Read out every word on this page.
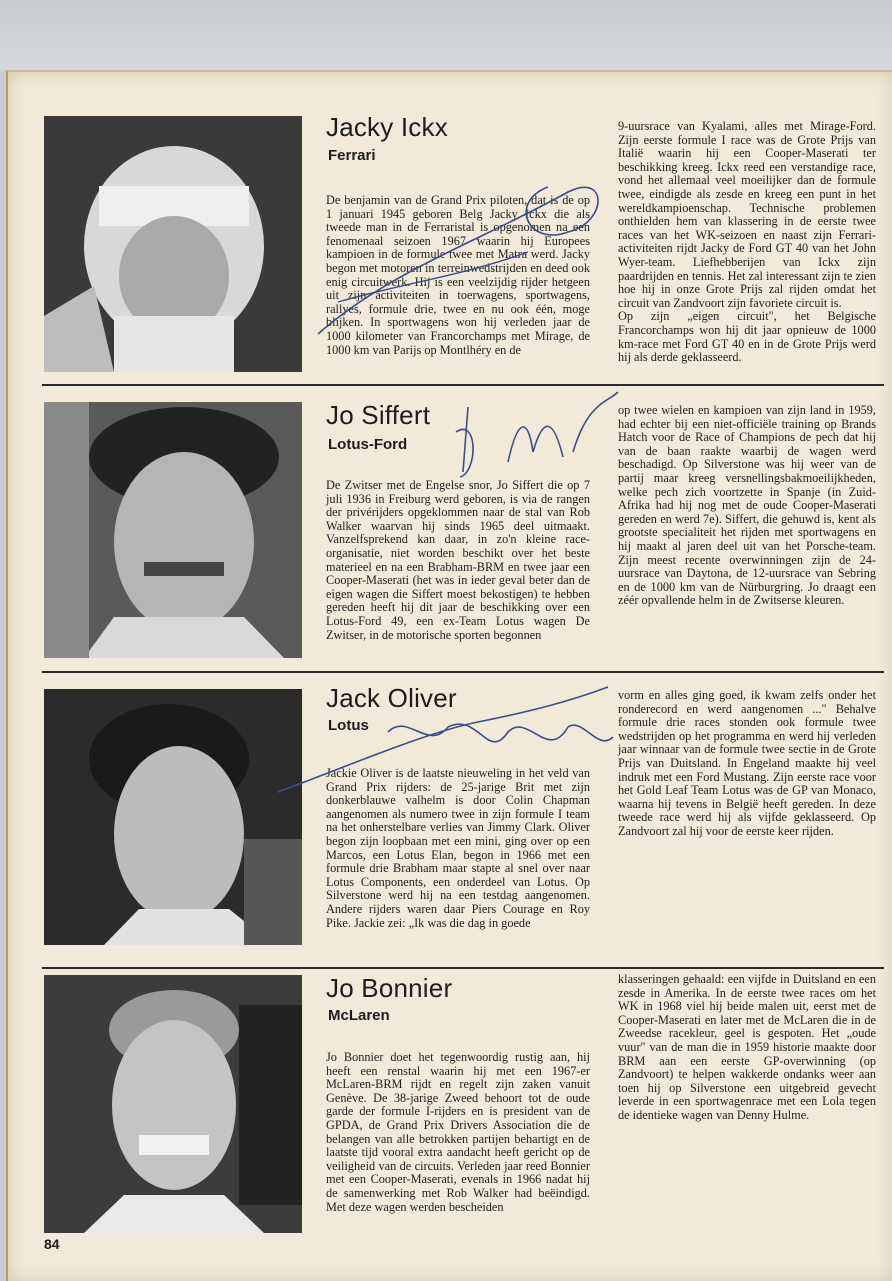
Jacky Ickx
Ferrari

De benjamin van de Grand Prix piloten, dat is de op 1 januari 1945 geboren Belg Jacky Ickx die als tweede man in de Ferraristal is opgenomen na een fenomenaal seizoen 1967 waarin hij Europees kampioen in de formule twee met Matra werd. Jacky begon met motoren in terreinwedstrijden en deed ook enig circuitwerk. Hij is een veelzijdig rijder hetgeen uit zijn activiteiten in toerwagens, sportwagens, rallyes, formule drie, twee en nu ook één, moge blijken. In sportwagens won hij verleden jaar de 1000 kilometer van Francorchamps met Mirage, de 1000 km van Parijs op Montlhéry en de

9-uursrace van Kyalami, alles met Mirage-Ford. Zijn eerste formule I race was de Grote Prijs van Italië waarin hij een Cooper-Maserati ter beschikking kreeg. Ickx reed een verstandige race, vond het allemaal veel moeilijker dan de formule twee, eindigde als zesde en kreeg een punt in het wereldkampioenschap. Technische problemen onthielden hem van klassering in de eerste twee races van het WK-seizoen en naast zijn Ferrari-activiteiten rijdt Jacky de Ford GT 40 van het John Wyer-team. Liefhebberijen van Ickx zijn paardrijden en tennis. Het zal interessant zijn te zien hoe hij in onze Grote Prijs zal rijden omdat het circuit van Zandvoort zijn favoriete circuit is.
Op zijn „eigen circuit", het Belgische Francorchamps won hij dit jaar opnieuw de 1000 km-race met Ford GT 40 en in de Grote Prijs werd hij als derde geklasseerd.

Jo Siffert
Lotus-Ford

De Zwitser met de Engelse snor, Jo Siffert die op 7 juli 1936 in Freiburg werd geboren, is via de rangen der privérijders opgeklommen naar de stal van Rob Walker waarvan hij sinds 1965 deel uitmaakt. Vanzelfsprekend kan daar, in zo'n kleine race-organisatie, niet worden beschikt over het beste materieel en na een Brabham-BRM en twee jaar een Cooper-Maserati (het was in ieder geval beter dan de eigen wagen die Siffert moest bekostigen) te hebben gereden heeft hij dit jaar de beschikking over een Lotus-Ford 49, een ex-Team Lotus wagen De Zwitser, in de motorische sporten begonnen

op twee wielen en kampioen van zijn land in 1959, had echter bij een niet-officiële training op Brands Hatch voor de Race of Champions de pech dat hij van de baan raakte waarbij de wagen werd beschadigd. Op Silverstone was hij weer van de partij maar kreeg versnellingsbakmoeilijkheden, welke pech zich voortzette in Spanje (in Zuid-Afrika had hij nog met de oude Cooper-Maserati gereden en werd 7e). Siffert, die gehuwd is, kent als grootste specialiteit het rijden met sportwagens en hij maakt al jaren deel uit van het Porsche-team. Zijn meest recente overwinningen zijn de 24-uursrace van Daytona, de 12-uursrace van Sebring en de 1000 km van de Nürburgring. Jo draagt een zéér opvallende helm in de Zwitserse kleuren.

Jack Oliver
Lotus

Jackie Oliver is de laatste nieuweling in het veld van Grand Prix rijders: de 25-jarige Brit met zijn donkerblauwe valhelm is door Colin Chapman aangenomen als numero twee in zijn formule I team na het onherstelbare verlies van Jimmy Clark. Oliver begon zijn loopbaan met een mini, ging over op een Marcos, een Lotus Elan, begon in 1966 met een formule drie Brabham maar stapte al snel over naar Lotus Components, een onderdeel van Lotus. Op Silverstone werd hij na een testdag aangenomen. Andere rijders waren daar Piers Courage en Roy Pike. Jackie zei: „Ik was die dag in goede

vorm en alles ging goed, ik kwam zelfs onder het ronderecord en werd aangenomen ..." Behalve formule drie races stonden ook formule twee wedstrijden op het programma en werd hij verleden jaar winnaar van de formule twee sectie in de Grote Prijs van Duitsland. In Engeland maakte hij veel indruk met een Ford Mustang. Zijn eerste race voor het Gold Leaf Team Lotus was de GP van Monaco, waarna hij tevens in België heeft gereden. In deze tweede race werd hij als vijfde geklasseerd. Op Zandvoort zal hij voor de eerste keer rijden.

Jo Bonnier
McLaren

Jo Bonnier doet het tegenwoordig rustig aan, hij heeft een renstal waarin hij met een 1967-er McLaren-BRM rijdt en regelt zijn zaken vanuit Genève. De 38-jarige Zweed behoort tot de oude garde der formule I-rijders en is president van de GPDA, de Grand Prix Drivers Association die de belangen van alle betrokken partijen behartigt en de laatste tijd vooral extra aandacht heeft gericht op de veiligheid van de circuits. Verleden jaar reed Bonnier met een Cooper-Maserati, evenals in 1966 nadat hij de samenwerking met Rob Walker had beëindigd. Met deze wagen werden bescheiden

klasseringen gehaald: een vijfde in Duitsland en een zesde in Amerika. In de eerste twee races om het WK in 1968 viel hij beide malen uit, eerst met de Cooper-Maserati en later met de McLaren die in de Zweedse racekleur, geel is gespoten. Het „oude vuur" van de man die in 1959 historie maakte door BRM aan een eerste GP-overwinning (op Zandvoort) te helpen wakkerde ondanks weer aan toen hij op Silverstone een uitgebreid gevecht leverde in een sportwagenrace met een Lola tegen de identieke wagen van Denny Hulme.

84
